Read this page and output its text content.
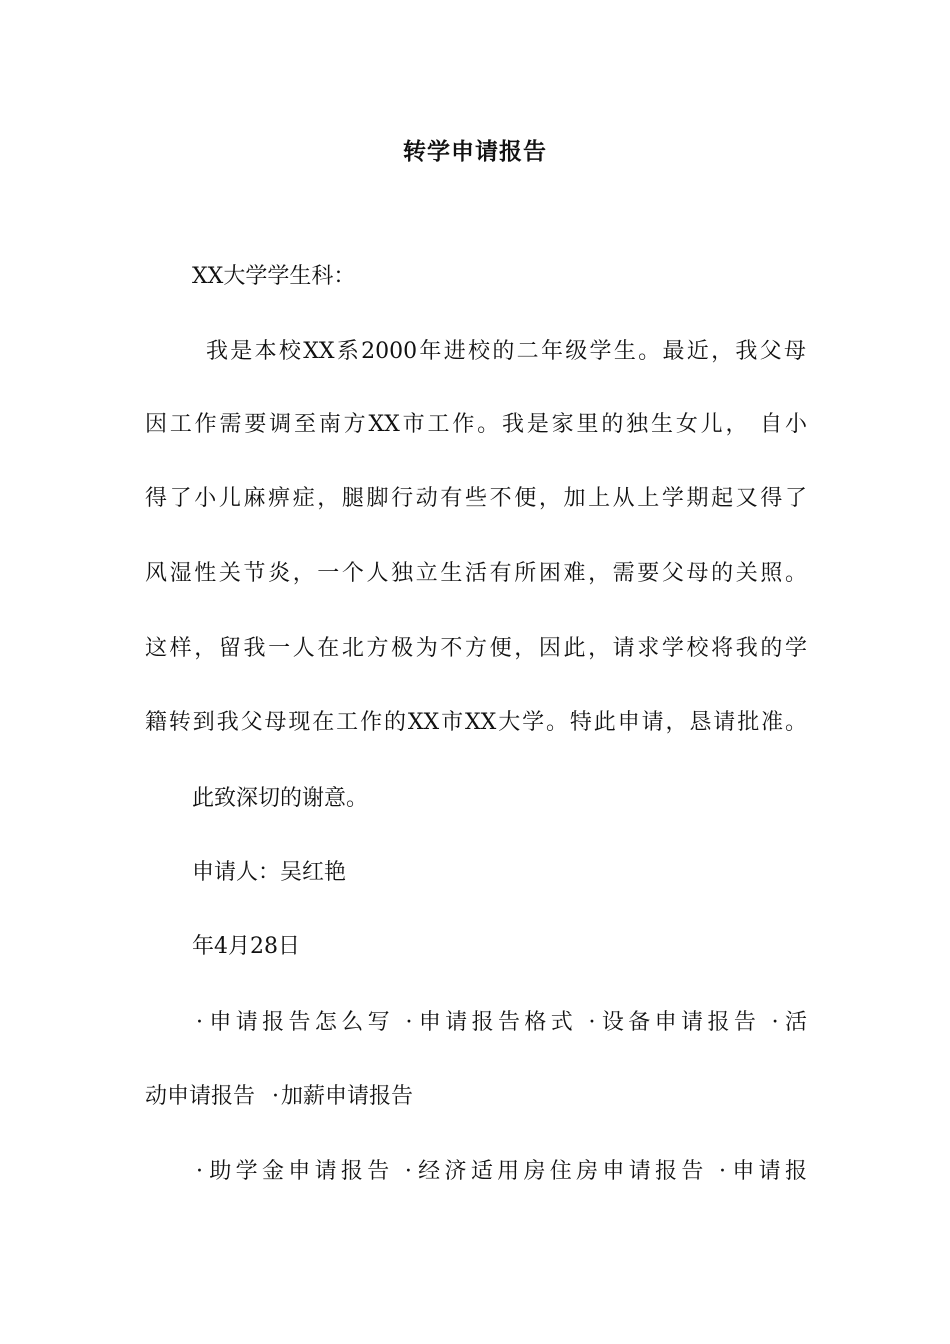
转学申请报告
XX大学学生科：
我是本校XX系2000年进校的二年级学生。最近，我父母
因工作需要调至南方XX市工作。我是家里的独生女儿， 自小
得了小儿麻痹症，腿脚行动有些不便，加上从上学期起又得了
风湿性关节炎，一个人独立生活有所困难，需要父母的关照。
这样，留我一人在北方极为不方便，因此，请求学校将我的学
籍转到我父母现在工作的XX市XX大学。特此申请，恳请批准。
此致深切的谢意。
申请人：吴红艳
年4月28日
·申请报告怎么写 ·申请报告格式 ·设备申请报告 ·活
动申请报告 ·加薪申请报告
·助学金申请报告 ·经济适用房住房申请报告 ·申请报
